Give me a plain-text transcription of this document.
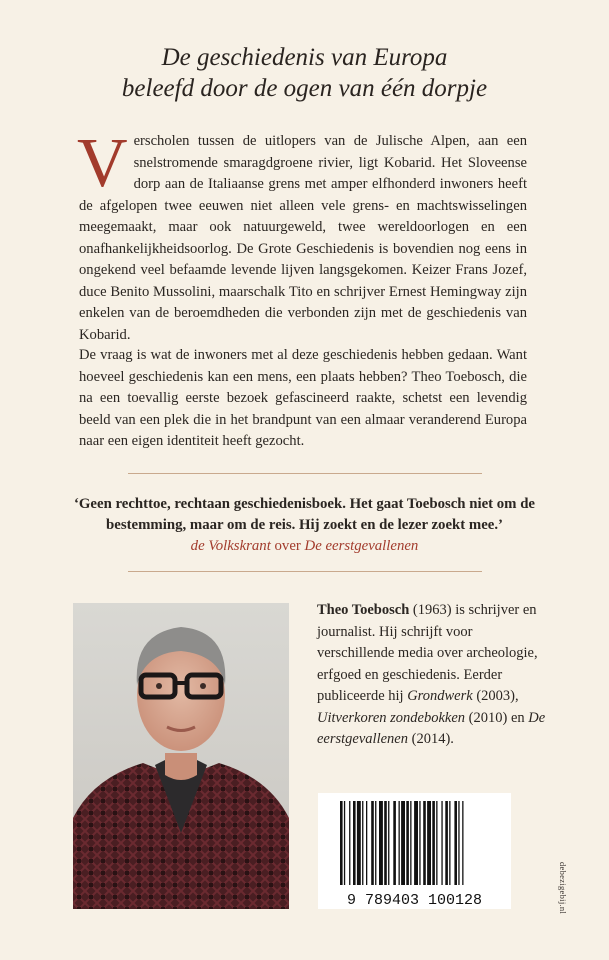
De geschiedenis van Europa
beleefd door de ogen van één dorpje
Verscholen tussen de uitlopers van de Julische Alpen, aan een snelstromende smaragdgroene rivier, ligt Kobarid. Het Sloveense dorp aan de Italiaanse grens met amper elfhonderd inwoners heeft de afgelopen twee eeuwen niet alleen vele grens- en machtswisselingen meegemaakt, maar ook natuurgeweld, twee wereldoorlogen en een onafhankelijkheidsoorlog. De Grote Geschiedenis is bovendien nog eens in ongekend veel befaamde levende lijven langsgekomen. Keizer Frans Jozef, duce Benito Mussolini, maarschalk Tito en schrijver Ernest Hemingway zijn enkelen van de beroemdheden die verbonden zijn met de geschiedenis van Kobarid.
De vraag is wat de inwoners met al deze geschiedenis hebben gedaan. Want hoeveel geschiedenis kan een mens, een plaats hebben? Theo Toebosch, die na een toevallig eerste bezoek gefascineerd raakte, schetst een levendig beeld van een plek die in het brandpunt van een almaar veranderend Europa naar een eigen identiteit heeft gezocht.
‘Geen rechttoe, rechtaan geschiedenisboek. Het gaat Toebosch niet om de bestemming, maar om de reis. Hij zoekt en de lezer zoekt mee.’
de Volkskrant over De eerstgevallenen
Theo Toebosch (1963) is schrijver en journalist. Hij schrijft voor verschillende media over archeologie, erfgoed en geschiedenis. Eerder publiceerde hij Grondwerk (2003), Uitverkoren zondebokken (2010) en De eerstgevallenen (2014).
9 789403 100128	debezigebij.nl
